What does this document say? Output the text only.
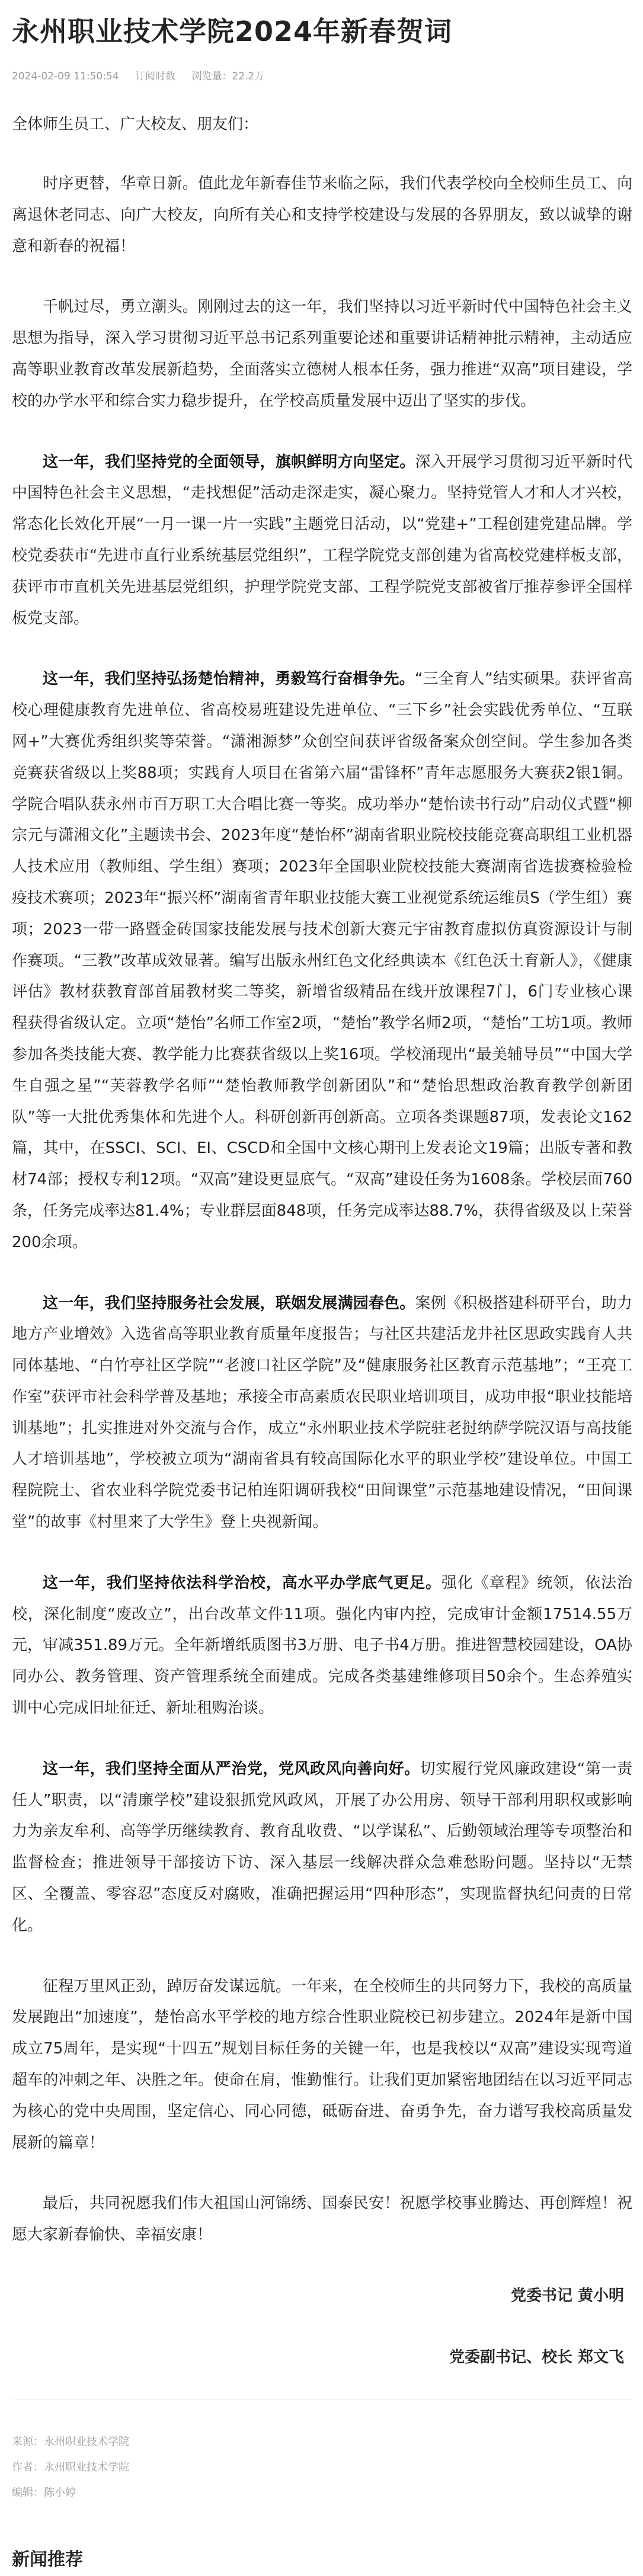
永州职业技术学院2024年新春贺词
2024-02-09 11:50:54 订阅时数 浏览量：22.2万
全体师生员工、广大校友、朋友们：

时序更替，华章日新。值此龙年新春佳节来临之际，我们代表学校向全校师生员工、向离退休老同志、向广大校友，向所有关心和支持学校建设与发展的各界朋友，致以诚挚的谢意和新春的祝福！

千帆过尽，勇立潮头。刚刚过去的这一年，我们坚持以习近平新时代中国特色社会主义思想为指导，深入学习贯彻习近平总书记系列重要论述和重要讲话精神批示精神，主动适应高等职业教育改革发展新趋势，全面落实立德树人根本任务，强力推进“双高”项目建设，学校的办学水平和综合实力稳步提升，在学校高质量发展中迈出了坚实的步伐。

这一年，我们坚持党的全面领导，旗帜鲜明方向坚定。深入开展学习贯彻习近平新时代中国特色社会主义思想，“走找想促”活动走深走实，凝心聚力。坚持党管人才和人才兴校，常态化长效化开展“一月一课一片一实践”主题党日活动，以“党建+”工程创建党建品牌。学校党委获市“先进市直行业系统基层党组织”，工程学院党支部创建为省高校党建样板支部，获评市市直机关先进基层党组织，护理学院党支部、工程学院党支部被省厅推荐参评全国样板党支部。

这一年，我们坚持弘扬楚怡精神，勇毅笃行奋楫争先。“三全育人”结实硕果。获评省高校心理健康教育先进单位、省高校易班建设先进单位、“三下乡”社会实践优秀单位、“互联网+”大赛优秀组织奖等荣誉。“潇湘源梦”众创空间获评省级备案众创空间。学生参加各类竞赛获省级以上奖88项；实践育人项目在省第六届“雷锋杯”青年志愿服务大赛获2银1铜。学院合唱队获永州市百万职工大合唱比赛一等奖。成功举办“楚怡读书行动”启动仪式暨“柳宗元与潇湘文化”主题读书会、2023年度“楚怡杯”湖南省职业院校技能竞赛高职组工业机器人技术应用（教师组、学生组）赛项；2023年全国职业院校技能大赛湖南省选拔赛检验检疫技术赛项；2023年“振兴杯”湖南省青年职业技能大赛工业视觉系统运维员S（学生组）赛项；2023一带一路暨金砖国家技能发展与技术创新大赛元宇宙教育虚拟仿真资源设计与制作赛项。“三教”改革成效显著。编写出版永州红色文化经典读本《红色沃土育新人》，《健康评估》教材获教育部首届教材奖二等奖，新增省级精品在线开放课程7门，6门专业核心课程获得省级认定。立项“楚怡”名师工作室2项，“楚怡”教学名师2项，“楚怡”工坊1项。教师参加各类技能大赛、教学能力比赛获省级以上奖16项。学校涌现出“最美辅导员”“中国大学生自强之星”“芙蓉教学名师”“楚怡教师教学创新团队”和“楚怡思想政治教育教学创新团队”等一大批优秀集体和先进个人。科研创新再创新高。立项各类课题87项，发表论文162篇，其中，在SSCI、SCI、EI、CSCD和全国中文核心期刊上发表论文19篇；出版专著和教材74部；授权专利12项。“双高”建设更显底气。“双高”建设任务为1608条。学校层面760条，任务完成率达81.4%；专业群层面848项，任务完成率达88.7%，获得省级及以上荣誉200余项。

这一年，我们坚持服务社会发展，联姻发展满园春色。案例《积极搭建科研平台，助力地方产业增效》入选省高等职业教育质量年度报告；与社区共建活龙井社区思政实践育人共同体基地、“白竹亭社区学院”“老渡口社区学院”及“健康服务社区教育示范基地”；“王亮工作室”获评市社会科学普及基地；承接全市高素质农民职业培训项目，成功申报“职业技能培训基地”；扎实推进对外交流与合作，成立“永州职业技术学院驻老挝纳萨学院汉语与高技能人才培训基地”，学校被立项为“湖南省具有较高国际化水平的职业学校”建设单位。中国工程院院士、省农业科学院党委书记柏连阳调研我校“田间课堂”示范基地建设情况，“田间课堂”的故事《村里来了大学生》登上央视新闻。

这一年，我们坚持依法科学治校，高水平办学底气更足。强化《章程》统领，依法治校，深化制度“废改立”，出台改革文件11项。强化内审内控，完成审计金额17514.55万元，审减351.89万元。全年新增纸质图书3万册、电子书4万册。推进智慧校园建设，OA协同办公、教务管理、资产管理系统全面建成。完成各类基建维修项目50余个。生态养殖实训中心完成旧址征迁、新址租购治谈。

这一年，我们坚持全面从严治党，党风政风向善向好。切实履行党风廉政建设“第一责任人”职责，以“清廉学校”建设狠抓党风政风，开展了办公用房、领导干部利用职权或影响力为亲友牟利、高等学历继续教育、教育乱收费、“以学谋私”、后勤领域治理等专项整治和监督检查；推进领导干部接访下访、深入基层一线解决群众急难愁盼问题。坚持以“无禁区、全覆盖、零容忍”态度反对腐败，准确把握运用“四种形态”，实现监督执纪问责的日常化。

征程万里风正劲，踔厉奋发谋远航。一年来，在全校师生的共同努力下，我校的高质量发展跑出“加速度”，楚怡高水平学校的地方综合性职业院校已初步建立。2024年是新中国成立75周年，是实现“十四五”规划目标任务的关键一年，也是我校以“双高”建设实现弯道超车的冲刺之年、决胜之年。使命在肩，惟勤惟行。让我们更加紧密地团结在以习近平同志为核心的党中央周围，坚定信心、同心同德，砥砺奋进、奋勇争先，奋力谱写我校高质量发展新的篇章！

最后，共同祝愿我们伟大祖国山河锦绣、国泰民安！祝愿学校事业腾达、再创辉煌！祝愿大家新春愉快、幸福安康！

党委书记 黄小明
党委副书记、校长 郑文飞
来源：永州职业技术学院
作者：永州职业技术学院
编辑：陈小婷
新闻推荐
